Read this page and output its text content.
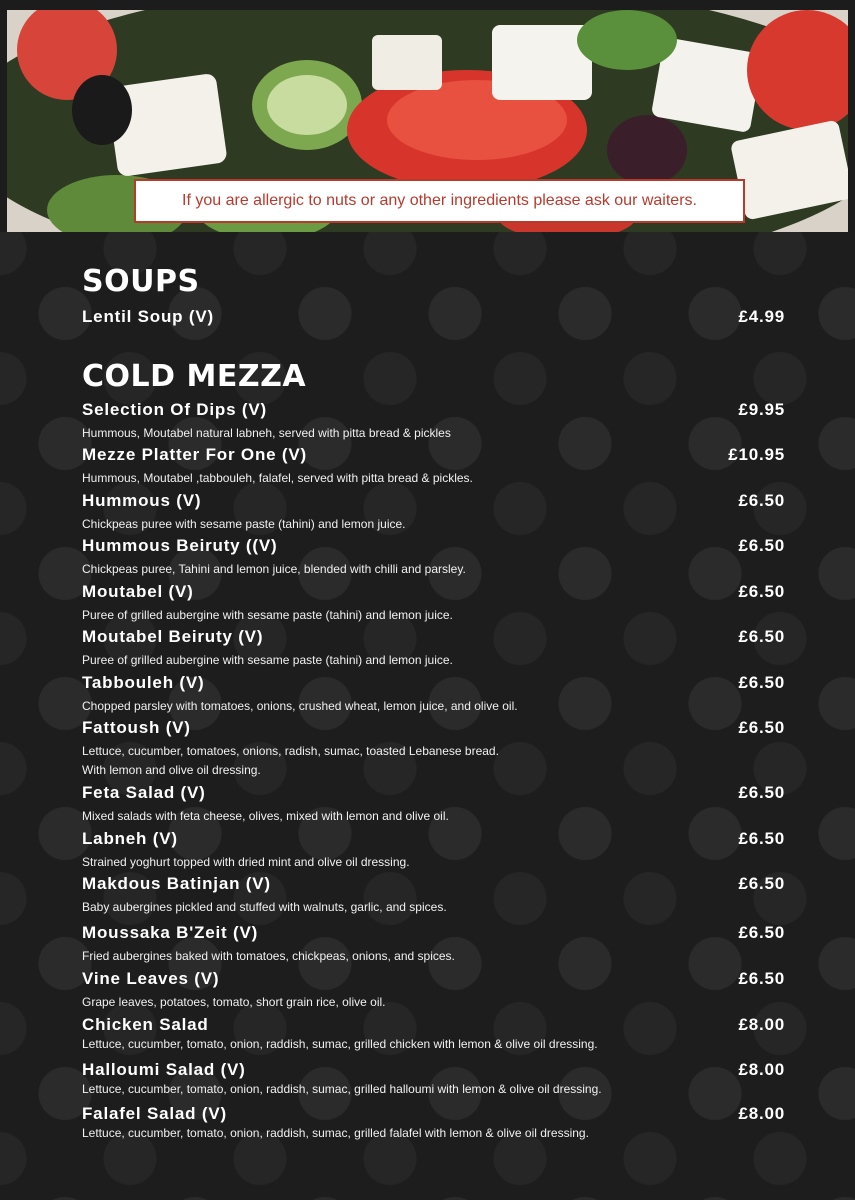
If you are allergic to nuts or any other ingredients please ask our waiters.
SOUPS
Lentil Soup (V)	£4.99
COLD MEZZA
Selection Of Dips (V)	£9.95
Hummous, Moutabel natural labneh, served with pitta bread & pickles
Mezze Platter For One (V)	£10.95
Hummous, Moutabel ,tabbouleh, falafel, served with pitta bread & pickles.
Hummous (V)	£6.50
Chickpeas puree with sesame paste (tahini) and lemon juice.
Hummous Beiruty ((V)	£6.50
Chickpeas puree, Tahini and lemon juice, blended with chilli and parsley.
Moutabel (V)	£6.50
Puree of grilled aubergine with sesame paste (tahini) and lemon juice.
Moutabel Beiruty (V)	£6.50
Puree of grilled aubergine with sesame paste (tahini) and lemon juice.
Tabbouleh (V)	£6.50
Chopped parsley with tomatoes, onions, crushed wheat, lemon juice, and olive oil.
Fattoush (V)	£6.50
Lettuce, cucumber, tomatoes, onions, radish, sumac, toasted Lebanese bread.
With lemon and olive oil dressing.
Feta Salad (V)	£6.50
Mixed salads with feta cheese, olives, mixed with lemon and olive oil.
Labneh (V)	£6.50
Strained yoghurt topped with dried mint and olive oil dressing.
Makdous Batinjan (V)	£6.50
Baby aubergines pickled and stuffed with walnuts, garlic, and spices.
Moussaka B'Zeit (V)	£6.50
Fried aubergines baked with tomatoes, chickpeas, onions, and spices.
Vine Leaves (V)	£6.50
Grape leaves, potatoes, tomato, short grain rice, olive oil.
Chicken Salad	£8.00
Lettuce, cucumber, tomato, onion, raddish, sumac, grilled chicken with lemon & olive oil dressing.
Halloumi Salad (V)	£8.00
Lettuce, cucumber, tomato, onion, raddish, sumac, grilled halloumi with lemon & olive oil dressing.
Falafel Salad (V)	£8.00
Lettuce, cucumber, tomato, onion, raddish, sumac, grilled falafel with lemon & olive oil dressing.
